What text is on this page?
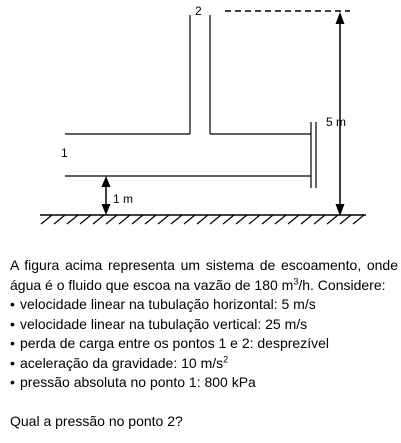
2
1
5 m
1 m

A figura acima representa um sistema de escoamento, onde água é o fluido que escoa na vazão de 180 $m^3/h$. Considere:

• velocidade linear na tubulação horizontal: 5 m/s
• velocidade linear na tubulação vertical: 25 m/s
• perda de carga entre os pontos 1 e 2: desprezível
• aceleração da gravidade: 10 $m/s^2$
• pressão absoluta no ponto 1: 800 kPa

Qual a pressão no ponto 2?
